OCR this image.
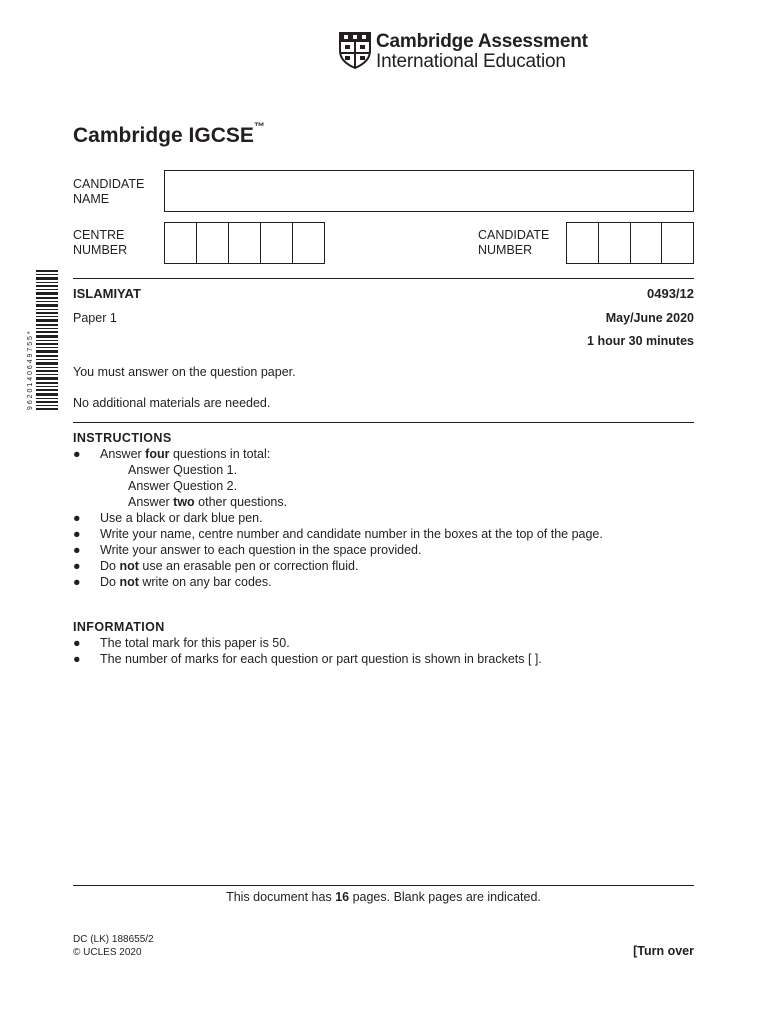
Cambridge Assessment
International Education
Cambridge IGCSE™
CANDIDATE
NAME
CENTRE
NUMBER
CANDIDATE
NUMBER
9 6 2 0 1 4 0 6 4 9 7 5 5 *
ISLAMIYAT	0493/12
Paper 1	May/June 2020
1 hour 30 minutes
You must answer on the question paper.
No additional materials are needed.
INSTRUCTIONS
● Answer four questions in total:
Answer Question 1.
Answer Question 2.
Answer two other questions.
● Use a black or dark blue pen.
● Write your name, centre number and candidate number in the boxes at the top of the page.
● Write your answer to each question in the space provided.
● Do not use an erasable pen or correction fluid.
● Do not write on any bar codes.
INFORMATION
● The total mark for this paper is 50.
● The number of marks for each question or part question is shown in brackets [ ].
This document has 16 pages. Blank pages are indicated.
DC (LK) 188655/2
© UCLES 2020	[Turn over
